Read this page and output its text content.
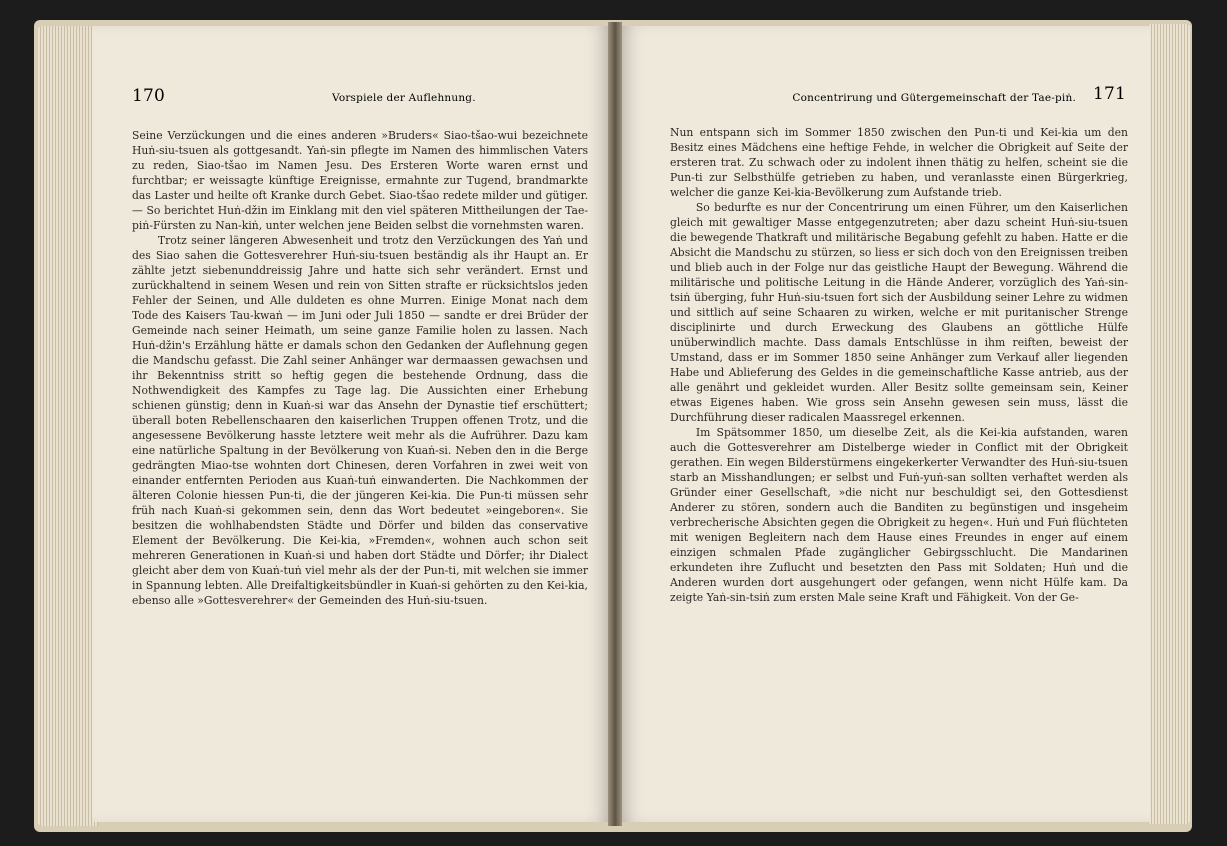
170	Vorspiele der Auflehnung.

Seine Verzückungen und die eines anderen »Bruders« Siao-tšao-wui bezeichnete Huṅ-siu-tsuen als gottgesandt. Yaṅ-sin pflegte im Namen des himmlischen Vaters zu reden, Siao-tšao im Namen Jesu. Des Ersteren Worte waren ernst und furchtbar; er weissagte künftige Ereignisse, ermahnte zur Tugend, brandmarkte das Laster und heilte oft Kranke durch Gebet. Siao-tšao redete milder und gütiger. — So berichtet Huṅ-džin im Einklang mit den viel späteren Mittheilungen der Tae-piṅ-Fürsten zu Nan-kiṅ, unter welchen jene Beiden selbst die vornehmsten waren.

Trotz seiner längeren Abwesenheit und trotz den Verzückungen des Yaṅ und des Siao sahen die Gottesverehrer Huṅ-siu-tsuen beständig als ihr Haupt an. Er zählte jetzt siebenunddreissig Jahre und hatte sich sehr verändert. Ernst und zurückhaltend in seinem Wesen und rein von Sitten strafte er rücksichtslos jeden Fehler der Seinen, und Alle duldeten es ohne Murren. Einige Monat nach dem Tode des Kaisers Tau-kwaṅ — im Juni oder Juli 1850 — sandte er drei Brüder der Gemeinde nach seiner Heimath, um seine ganze Familie holen zu lassen. Nach Huṅ-džin's Erzählung hätte er damals schon den Gedanken der Auflehnung gegen die Mandschu gefasst. Die Zahl seiner Anhänger war dermaassen gewachsen und ihr Bekenntniss stritt so heftig gegen die bestehende Ordnung, dass die Nothwendigkeit des Kampfes zu Tage lag. Die Aussichten einer Erhebung schienen günstig; denn in Kuaṅ-si war das Ansehn der Dynastie tief erschüttert; überall boten Rebellenschaaren den kaiserlichen Truppen offenen Trotz, und die angesessene Bevölkerung hasste letztere weit mehr als die Aufrührer. Dazu kam eine natürliche Spaltung in der Bevölkerung von Kuaṅ-si. Neben den in die Berge gedrängten Miao-tse wohnten dort Chinesen, deren Vorfahren in zwei weit von einander entfernten Perioden aus Kuaṅ-tuṅ einwanderten. Die Nachkommen der älteren Colonie hiessen Pun-ti, die der jüngeren Kei-kia. Die Pun-ti müssen sehr früh nach Kuaṅ-si gekommen sein, denn das Wort bedeutet »eingeboren«. Sie besitzen die wohlhabendsten Städte und Dörfer und bilden das conservative Element der Bevölkerung. Die Kei-kia, »Fremden«, wohnen auch schon seit mehreren Generationen in Kuaṅ-si und haben dort Städte und Dörfer; ihr Dialect gleicht aber dem von Kuaṅ-tuṅ viel mehr als der der Pun-ti, mit welchen sie immer in Spannung lebten. Alle Dreifaltigkeitsbündler in Kuaṅ-si gehörten zu den Kei-kia, ebenso alle »Gottesverehrer« der Gemeinden des Huṅ-siu-tsuen.

Concentrirung und Gütergemeinschaft der Tae-piṅ. 171

Nun entspann sich im Sommer 1850 zwischen den Pun-ti und Kei-kia um den Besitz eines Mädchens eine heftige Fehde, in welcher die Obrigkeit auf Seite der ersteren trat. Zu schwach oder zu indolent ihnen thätig zu helfen, scheint sie die Pun-ti zur Selbsthülfe getrieben zu haben, und veranlasste einen Bürgerkrieg, welcher die ganze Kei-kia-Bevölkerung zum Aufstande trieb.

So bedurfte es nur der Concentrirung um einen Führer, um den Kaiserlichen gleich mit gewaltiger Masse entgegenzutreten; aber dazu scheint Huṅ-siu-tsuen die bewegende Thatkraft und militärische Begabung gefehlt zu haben. Hatte er die Absicht die Mandschu zu stürzen, so liess er sich doch von den Ereignissen treiben und blieb auch in der Folge nur das geistliche Haupt der Bewegung. Während die militärische und politische Leitung in die Hände Anderer, vorzüglich des Yaṅ-sin-tsiṅ überging, fuhr Huṅ-siu-tsuen fort sich der Ausbildung seiner Lehre zu widmen und sittlich auf seine Schaaren zu wirken, welche er mit puritanischer Strenge disciplinirte und durch Erweckung des Glaubens an göttliche Hülfe unüberwindlich machte. Dass damals Entschlüsse in ihm reiften, beweist der Umstand, dass er im Sommer 1850 seine Anhänger zum Verkauf aller liegenden Habe und Ablieferung des Geldes in die gemeinschaftliche Kasse antrieb, aus der alle genährt und gekleidet wurden. Aller Besitz sollte gemeinsam sein, Keiner etwas Eigenes haben. Wie gross sein Ansehn gewesen sein muss, lässt die Durchführung dieser radicalen Maassregel erkennen.

Im Spätsommer 1850, um dieselbe Zeit, als die Kei-kia aufstanden, waren auch die Gottesverehrer am Distelberge wieder in Conflict mit der Obrigkeit gerathen. Ein wegen Bilderstürmens eingekerkerter Verwandter des Huṅ-siu-tsuen starb an Misshandlungen; er selbst und Fuṅ-yuṅ-san sollten verhaftet werden als Gründer einer Gesellschaft, »die nicht nur beschuldigt sei, den Gottesdienst Anderer zu stören, sondern auch die Banditen zu begünstigen und insgeheim verbrecherische Absichten gegen die Obrigkeit zu hegen«. Huṅ und Fuṅ flüchteten mit wenigen Begleitern nach dem Hause eines Freundes in enger auf einem einzigen schmalen Pfade zugänglicher Gebirgsschlucht. Die Mandarinen erkundeten ihre Zuflucht und besetzten den Pass mit Soldaten; Huṅ und die Anderen wurden dort ausgehungert oder gefangen, wenn nicht Hülfe kam. Da zeigte Yaṅ-sin-tsiṅ zum ersten Male seine Kraft und Fähigkeit. Von der Ge-
